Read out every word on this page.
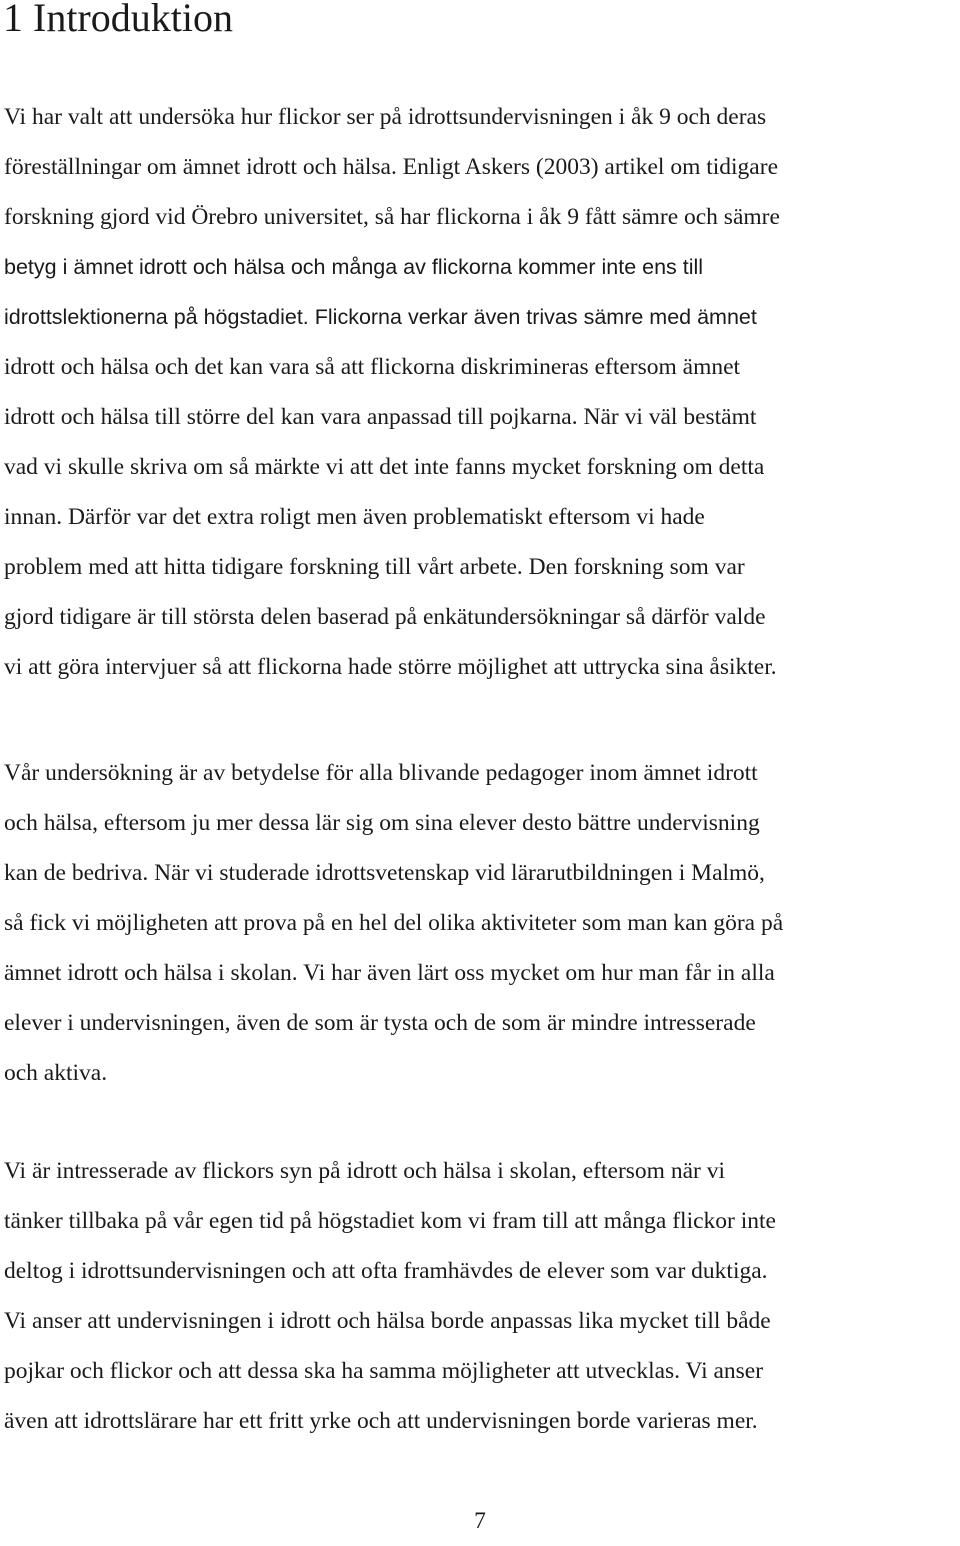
1 Introduktion
Vi har valt att undersöka hur flickor ser på idrottsundervisningen i åk 9 och deras
föreställningar om ämnet idrott och hälsa. Enligt Askers (2003) artikel om tidigare
forskning gjord vid Örebro universitet, så har flickorna i åk 9 fått sämre och sämre
betyg i ämnet idrott och hälsa och många av flickorna kommer inte ens till
idrottslektionerna på högstadiet. Flickorna verkar även trivas sämre med ämnet
idrott och hälsa och det kan vara så att flickorna diskrimineras eftersom ämnet
idrott och hälsa till större del kan vara anpassad till pojkarna. När vi väl bestämt
vad vi skulle skriva om så märkte vi att det inte fanns mycket forskning om detta
innan. Därför var det extra roligt men även problematiskt eftersom vi hade
problem med att hitta tidigare forskning till vårt arbete. Den forskning som var
gjord tidigare är till största delen baserad på enkätundersökningar så därför valde
vi att göra intervjuer så att flickorna hade större möjlighet att uttrycka sina åsikter.
Vår undersökning är av betydelse för alla blivande pedagoger inom ämnet idrott
och hälsa, eftersom ju mer dessa lär sig om sina elever desto bättre undervisning
kan de bedriva. När vi studerade idrottsvetenskap vid lärarutbildningen i Malmö,
så fick vi möjligheten att prova på en hel del olika aktiviteter som man kan göra på
ämnet idrott och hälsa i skolan. Vi har även lärt oss mycket om hur man får in alla
elever i undervisningen, även de som är tysta och de som är mindre intresserade
och aktiva.
Vi är intresserade av flickors syn på idrott och hälsa i skolan, eftersom när vi
tänker tillbaka på vår egen tid på högstadiet kom vi fram till att många flickor inte
deltog i idrottsundervisningen och att ofta framhävdes de elever som var duktiga.
Vi anser att undervisningen i idrott och hälsa borde anpassas lika mycket till både
pojkar och flickor och att dessa ska ha samma möjligheter att utvecklas. Vi anser
även att idrottslärare har ett fritt yrke och att undervisningen borde varieras mer.
7
